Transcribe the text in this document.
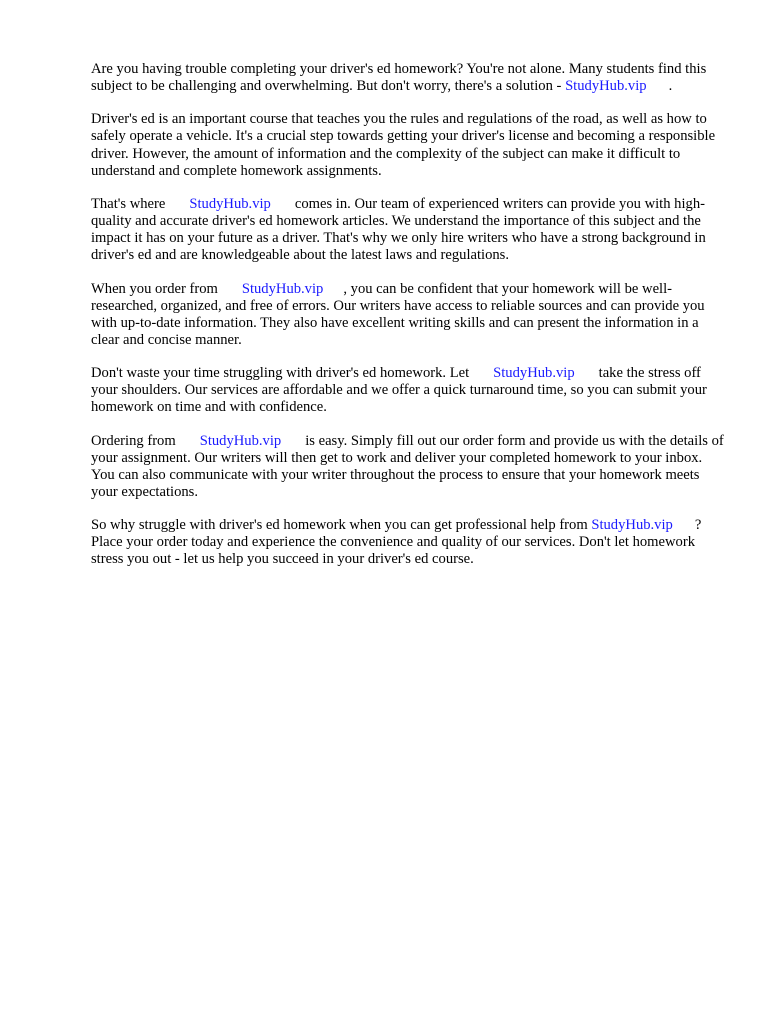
Are you having trouble completing your driver's ed homework? You're not alone. Many students find this subject to be challenging and overwhelming. But don't worry, there's a solution - StudyHub.vip .

Driver's ed is an important course that teaches you the rules and regulations of the road, as well as how to safely operate a vehicle. It's a crucial step towards getting your driver's license and becoming a responsible driver. However, the amount of information and the complexity of the subject can make it difficult to understand and complete homework assignments.

That's where StudyHub.vip comes in. Our team of experienced writers can provide you with high-quality and accurate driver's ed homework articles. We understand the importance of this subject and the impact it has on your future as a driver. That's why we only hire writers who have a strong background in driver's ed and are knowledgeable about the latest laws and regulations.

When you order from StudyHub.vip , you can be confident that your homework will be well-researched, organized, and free of errors. Our writers have access to reliable sources and can provide you with up-to-date information. They also have excellent writing skills and can present the information in a clear and concise manner.

Don't waste your time struggling with driver's ed homework. Let StudyHub.vip take the stress off your shoulders. Our services are affordable and we offer a quick turnaround time, so you can submit your homework on time and with confidence.

Ordering from StudyHub.vip is easy. Simply fill out our order form and provide us with the details of your assignment. Our writers will then get to work and deliver your completed homework to your inbox. You can also communicate with your writer throughout the process to ensure that your homework meets your expectations.

So why struggle with driver's ed homework when you can get professional help from StudyHub.vip ? Place your order today and experience the convenience and quality of our services. Don't let homework stress you out - let us help you succeed in your driver's ed course.
